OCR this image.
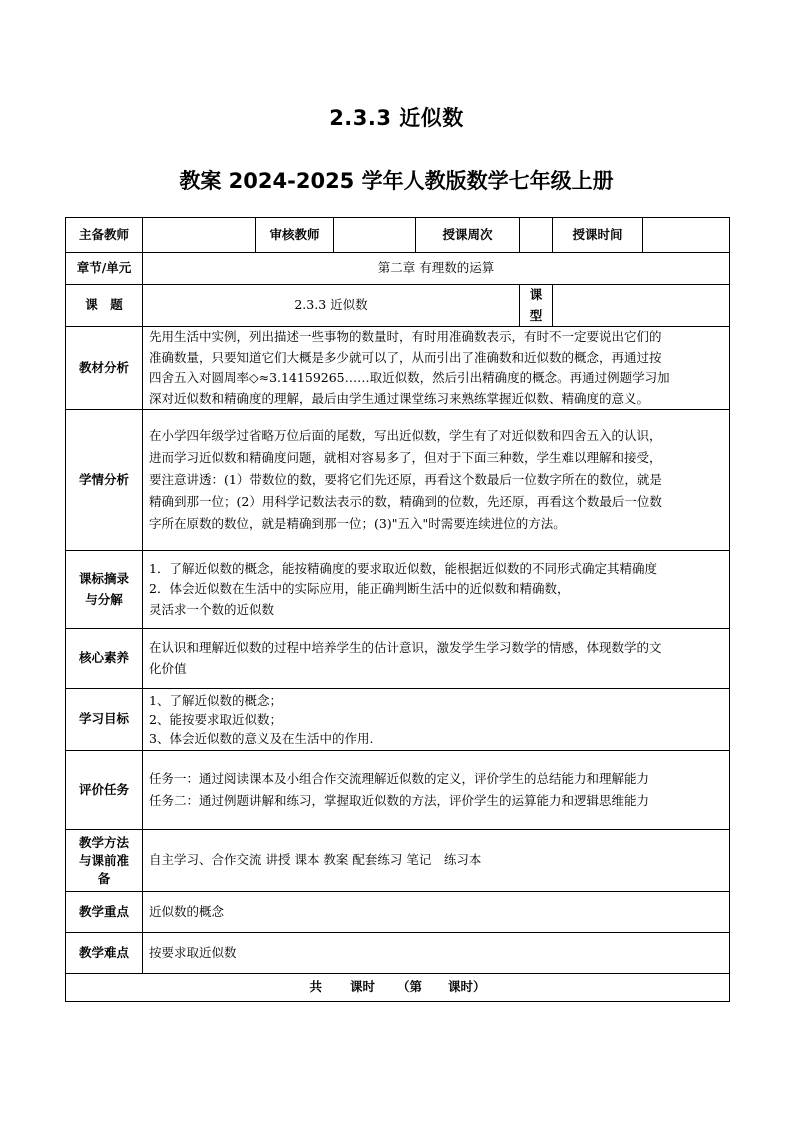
2.3.3 近似数
教案 2024-2025 学年人教版数学七年级上册
主备教师		审核教师		授课周次		授课时间	
章节/单元	第二章 有理数的运算						
课　题	2.3.3 近似数				课型		
教材分析	先用生活中实例，列出描述一些事物的数量时，有时用准确数表示，有时不一定要说出它们的
准确数量，只要知道它们大概是多少就可以了，从而引出了准确数和近似数的概念，再通过按
四舍五入对圆周率◇≈3.14159265……取近似数，然后引出精确度的概念。再通过例题学习加
深对近似数和精确度的理解，最后由学生通过课堂练习来熟练掌握近似数、精确度的意义。						

学情分析	在小学四年级学过省略万位后面的尾数，写出近似数，学生有了对近似数和四舍五入的认识，
进而学习近似数和精确度问题，就相对容易多了，但对于下面三种数，学生难以理解和接受，
要注意讲透：(1）带数位的数，要将它们先还原，再看这个数最后一位数字所在的数位，就是
精确到那一位；(2）用科学记数法表示的数，精确到的位数，先还原，再看这个数最后一位数
字所在原数的数位，就是精确到那一位；(3)"五入"时需要连续进位的方法。						

课标摘录
与分解	1．了解近似数的概念，能按精确度的要求取近似数，能根据近似数的不同形式确定其精确度
2．体会近似数在生活中的实际应用，能正确判断生活中的近似数和精确数，
灵活求一个数的近似数						

核心素养	在认识和理解近似数的过程中培养学生的估计意识，激发学生学习数学的情感，体现数学的文
化价值						

学习目标	1、了解近似数的概念；
2、能按要求取近似数；
3、体会近似数的意义及在生活中的作用.						

评价任务	任务一：通过阅读课本及小组合作交流理解近似数的定义，评价学生的总结能力和理解能力
任务二：通过例题讲解和练习，掌握取近似数的方法，评价学生的运算能力和逻辑思维能力						

教学方法
与课前准
备	自主学习、合作交流 讲授 课本 教案 配套练习 笔记　练习本						
教学重点	近似数的概念						
教学难点	按要求取近似数						
共 课时 （第 课时）							
